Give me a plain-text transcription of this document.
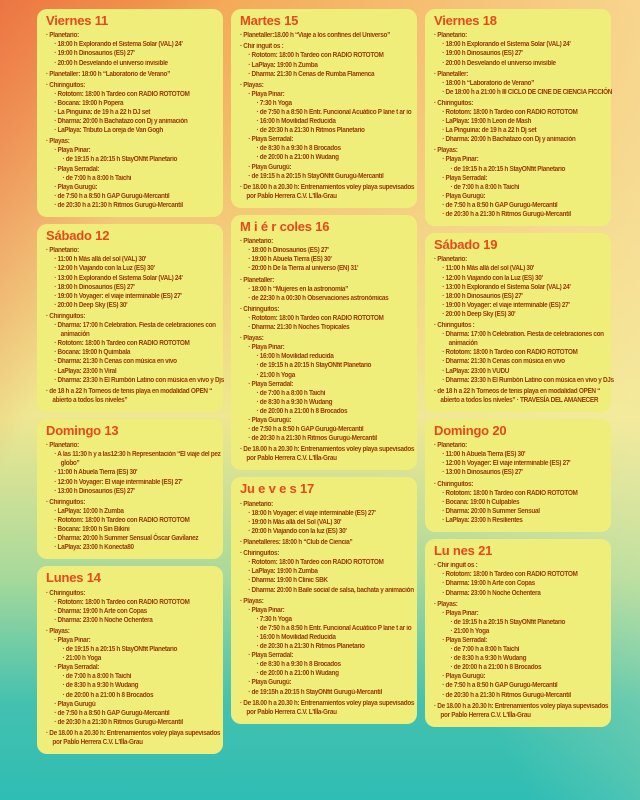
Viernes 11

· Planetario:

· 18:00 h Explorando el Sistema Solar (VAL) 24'

· 19:00 h Dinosaurios (ES) 27'

· 20:00 h Desvelando el universo invisible

· Planetaller: 18:00 h “Laboratorio de Verano”

· Chiringuitos:

· Rototom: 18:00 h Tardeo con RADIO ROTOTOM

· Bocana: 19:00 h Popera

· La Pinguina: de 19 h a 22 h DJ set

· Dharma: 20:00 h Bachatazo con Dj y animación

· LaPlaya: Tributo La oreja de Van Gogh

· Playas:

· Playa Pinar:

· de 19:15 h a 20:15 h StayONfit Planetario

· Playa Serradal:

· de 7:00 h a 8:00 h Taichi

· Playa Gurugú:

· de 7:50 h a 8:50 h GAP Gurugú-Mercantil

· de 20:30 h a 21:30 h Ritmos Gurugú-Mercantil

Sábado 12

· Planetario:

· 11:00 h Más allá del sol (VAL) 30'

· 12:00 h Viajando con la Luz (ES) 30'

· 13:00 h Explorando el Sistema Solar (VAL) 24'

· 18:00 h Dinosaurios (ES) 27'

· 19:00 h Voyager: el viaje interminable (ES) 27'

· 20:00 h Deep Sky (ES) 30'

· Chiringuitos:

· Dharma: 17:00 h Celebration. Fiesta de celebraciones con animación

· Rototom: 18:00 h Tardeo con RADIO ROTOTOM

· Bocana: 19:00 h Quimbala

· Dharma: 21:30 h Cenas con música en vivo

· LaPlaya: 23:00 h Viral

· Dharma: 23:30 h El Rumbón Latino con música en vivo y Djs

· de 18 h a 22 h Torneos de tenis playa en modalidad OPEN “ abierto a todos los niveles”

Domingo 13

· Planetario:

· A las 11:30 h y a las12:30 h Representación “El viaje del pez globo”

· 11:00 h Abuela Tierra (ES) 30'

· 12:00 h Voyager: El viaje interminable (ES) 27'

· 13:00 h Dinosaurios (ES) 27'

· Chiringuitos:

· LaPlaya: 10:00 h Zumba

· Rototom: 18:00 h Tardeo con RADIO ROTOTOM

· Bocana: 19:00 h Sin Bikini

· Dharma: 20:00 h Summer Sensual Óscar Gavilanez

· LaPlaya: 23:00 h Konecta80

Lunes 14

· Chiringuitos:

· Rototom: 18:00 h Tardeo con RADIO ROTOTOM

· Dharma: 19:00 h Arte con Copas

· Dharma: 23:00 h Noche Ochentera

· Playas:

· Playa Pinar:

· de 19:15 h a 20:15 h StayONfit Planetario

· 21:00 h Yoga

· Playa Serradal:

· de 7:00 h a 8:00 h Taichí

· de 8:30 h a 9:30 h Wudang

· de 20:00 h a 21:00 h 8 Brocados

· Playa Gurugú

· de 7:50 h a 8:50 h GAP Gurugú-Mercantil

· de 20:30 h a 21:30 h Ritmos Gurugú-Mercantil

· De 18.00 h a 20.30 h: Entrenamientos voley playa supevisados por Pablo Herrera C.V. L'Illa-Grau

Martes 15

· Planetaller:18.00 h “Viaje a los confines del Universo”

· Chir inguit os :

· Rototom: 18:00 h Tardeo con RADIO ROTOTOM

· LaPlaya: 19:00 h Zumba

· Dharma: 21:30 h Cenas de Rumba Flamenca

· Playas:

· Playa Pinar:

· 7:30 h Yoga

· de 7:50 h a 8:50 h Entr. Funcional Acuático P lane t ar io

· 16:00 h Movilidad Reducida

· de 20:30 h a 21:30 h Ritmos Planetario

· Playa Serradal:

· de 8:30 h a 9:30 h 8 Brocados

· de 20:00 h a 21:00 h Wudang

· Playa Gurugú:

· de 19:15 h a 20:15 h StayONfit Gurugú-Mercantil

· De 18.00 h a 20.30 h: Entrenamientos voley playa supevisados por Pablo Herrera C.V. L'Illa-Grau

M i é r coles 16

· Planetario:

· 18:00 h Dinosaurios (ES) 27'

· 19:00 h Abuela Tierra (ES) 30'

· 20:00 h De la Tierra al universo (EN) 31'

· Planetaller:

· 18:00 h “Mujeres en la astronomía”

· de 22:30 h a 00:30 h Observaciones astronómicas

· Chiringuitos:

· Rototom: 18:00 h Tardeo con RADIO ROTOTOM

· Dharma: 21:30 h Noches Tropicales

· Playas:

· Playa Pinar:

· 16:00 h Movilidad reducida

· de 19:15 h a 20:15 h StayONfit Planetario

· 21:00 h Yoga

· Playa Serradal:

· de 7:00 h a 8:00 h Taichí

· de 8:30 h a 9:30 h Wudang

· de 20:00 h a 21:00 h 8 Brocados

· Playa Gurugú:

· de 7:50 h a 8:50 h GAP Gurugú-Mercantil

· de 20:30 h a 21:30 h Ritmos Gurugú-Mercantil

· De 18.00 h a 20.30 h: Entrenamientos voley playa supevisados por Pablo Herrera C.V. L'Illa-Grau

Ju e v e s 17

· Planetario:

· 18:00 h Voyager: el viaje interminable (ES) 27'

· 19:00 h Más allá del Sol (VAL) 30'

· 20:00 h Viajando con la luz (ES) 30'

· Planetalleres: 18:00 h “Club de Ciencia”

· Chiringuitos:

· Rototom: 18:00 h Tardeo con RADIO ROTOTOM

· LaPlaya: 19:00 h Zumba

· Dharma: 19:00 h Clinic SBK

· Dharma: 20:00 h Baile social de salsa, bachata y animación

· Playas:

· Playa Pinar:

· 7:30 h Yoga

· de 7:50 h a 8:50 h Entr. Funcional Acuático P lane t ar io

· 16:00 h Movilidad Reducida

· de 20:30 h a 21:30 h Ritmos Planetario

· Playa Serradal:

· de 8:30 h a 9:30 h 8 Brocados

· de 20:00 h a 21:00 h Wudang

· Playa Gurugú:

· de 19:15h a 20:15 h StayONfit Gurugú-Mercantil

· De 18.00 h a 20.30 h: Entrenamientos voley playa supevisados por Pablo Herrera C.V. L'Illa-Grau

Viernes 18

· Planetario:

· 18:00 h Explorando el Sistema Solar (VAL) 24'

· 19:00 h Dinosaurios (ES) 27'

· 20:00 h Desvelando el universo invisible

· Planetaller:

· 18:00 h “Laboratorio de Verano”

· De 18:00 h a 21:00 h III CICLO DE CINE DE CIENCIA FICCIÓN

· Chiringuitos:

· Rototom: 18:00 h Tardeo con RADIO ROTOTOM

· LaPlaya: 19:00 h Leon de Mash

· La Pinguina: de 19 h a 22 h Dj set

· Dharma: 20:00 h Bachatazo con Dj y animación

· Playas:

· Playa Pinar:

· de 19:15 h a 20:15 h StayONfit Planetario

· Playa Serradal:

· de 7:00 h a 8:00 h Taichí

· Playa Gurugú:

· de 7:50 h a 8:50 h GAP Gurugú-Mercantil

· de 20:30 h a 21:30 h Ritmos Gurugú-Mercantil

Sábado 19

· Planetario:

· 11:00 h Más allá del sol (VAL) 30'

· 12:00 h Viajando con la Luz (ES) 30'

· 13:00 h Explorando el Sistema Solar (VAL) 24'

· 18:00 h Dinosaurios (ES) 27'

· 19:00 h Voyager: el viaje interminable (ES) 27'

· 20:00 h Deep Sky (ES) 30'

· Chiringuitos :

· Dharma: 17:00 h Celebration. Fiesta de celebraciones con animación

· Rototom: 18:00 h Tardeo con RADIO ROTOTOM

· Dharma: 21:30 h Cenas con música en vivo

· LaPlaya: 23:00 h VUDU

· Dharma: 23:30 h El Rumbón Latino con música en vivo y DJs

· de 18 h a 22 h Torneos de tenis playa en modalidad OPEN “ abierto a todos los niveles” · TRAVESÍA DEL AMANECER

Domingo 20

· Planetario:

· 11:00 h Abuela Tierra (ES) 30'

· 12:00 h Voyager: El viaje interminable (ES) 27'

· 13:00 h Dinosaurios (ES) 27'

· Chiringuitos:

· Rototom: 18:00 h Tardeo con RADIO ROTOTOM

· Bocana: 19:00 h Culpables

· Dharma: 20:00 h Summer Sensual

· LaPlaya: 23:00 h Resilientes

Lu nes 21

· Chir inguit os :

· Rototom: 18:00 h Tardeo con RADIO ROTOTOM

· Dharma: 19:00 h Arte con Copas

· Dharma: 23:00 h Noche Ochentera

· Playas:

· Playa Pinar:

· de 19:15 h a 20:15 h StayONfit Planetario

· 21:00 h Yoga

· Playa Serradal:

· de 7:00 h a 8:00 h Taichí

· de 8:30 h a 9:30 h Wudang

· de 20:00 h a 21:00 h 8 Brocados

· Playa Gurugú:

· de 7:50 h a 8:50 h GAP Gurugú-Mercantil

· de 20:30 h a 21:30 h Ritmos Gurugú-Mercantil

· De 18.00 h a 20.30 h: Entrenamientos voley playa supevisados por Pablo Herrera C.V. L'Illa-Grau
